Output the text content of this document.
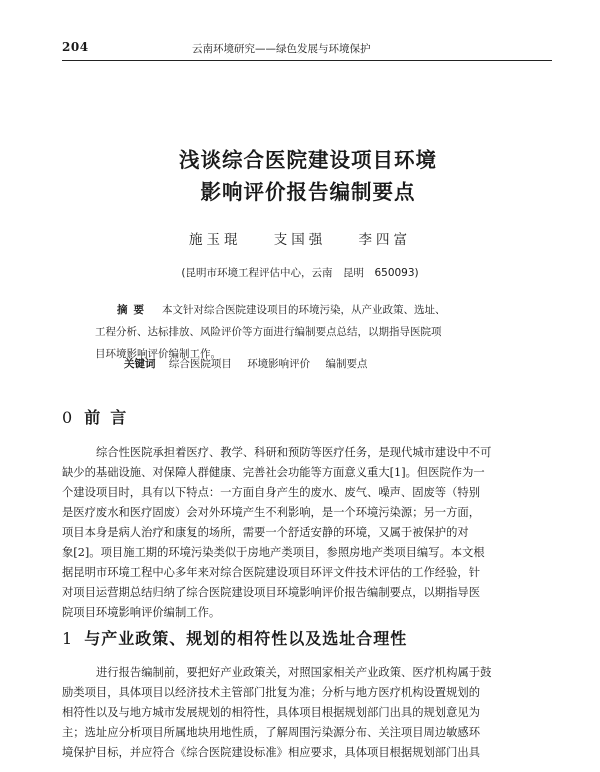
204	云南环境研究——绿色发展与环境保护
浅谈综合医院建设项目环境
影响评价报告编制要点
施玉琨 支国强 李四富
(昆明市环境工程评估中心，云南　昆明　650093)
摘要 本文针对综合医院建设项目的环境污染，从产业政策、选址、
工程分析、达标排放、风险评价等方面进行编制要点总结，以期指导医院项
目环境影响评价编制工作。
关键词 综合医院项目 环境影响评价 编制要点
0 前言
综合性医院承担着医疗、教学、科研和预防等医疗任务，是现代城市建设中不可
缺少的基础设施、对保障人群健康、完善社会功能等方面意义重大[1]。但医院作为一
个建设项目时，具有以下特点：一方面自身产生的废水、废气、噪声、固废等（特别
是医疗废水和医疗固废）会对外环境产生不利影响，是一个环境污染源；另一方面，
项目本身是病人治疗和康复的场所，需要一个舒适安静的环境，又属于被保护的对
象[2]。项目施工期的环境污染类似于房地产类项目，参照房地产类项目编写。本文根
据昆明市环境工程中心多年来对综合医院建设项目环评文件技术评估的工作经验，针
对项目运营期总结归纳了综合医院建设项目环境影响评价报告编制要点，以期指导医
院项目环境影响评价编制工作。
1 与产业政策、规划的相符性以及选址合理性
进行报告编制前，要把好产业政策关，对照国家相关产业政策、医疗机构属于鼓
励类项目，具体项目以经济技术主管部门批复为准；分析与地方医疗机构设置规划的
相符性以及与地方城市发展规划的相符性，具体项目根据规划部门出具的规划意见为
主；选址应分析项目所属地块用地性质，了解周围污染源分布、关注项目周边敏感环
境保护目标，并应符合《综合医院建设标准》相应要求，具体项目根据规划部门出具
